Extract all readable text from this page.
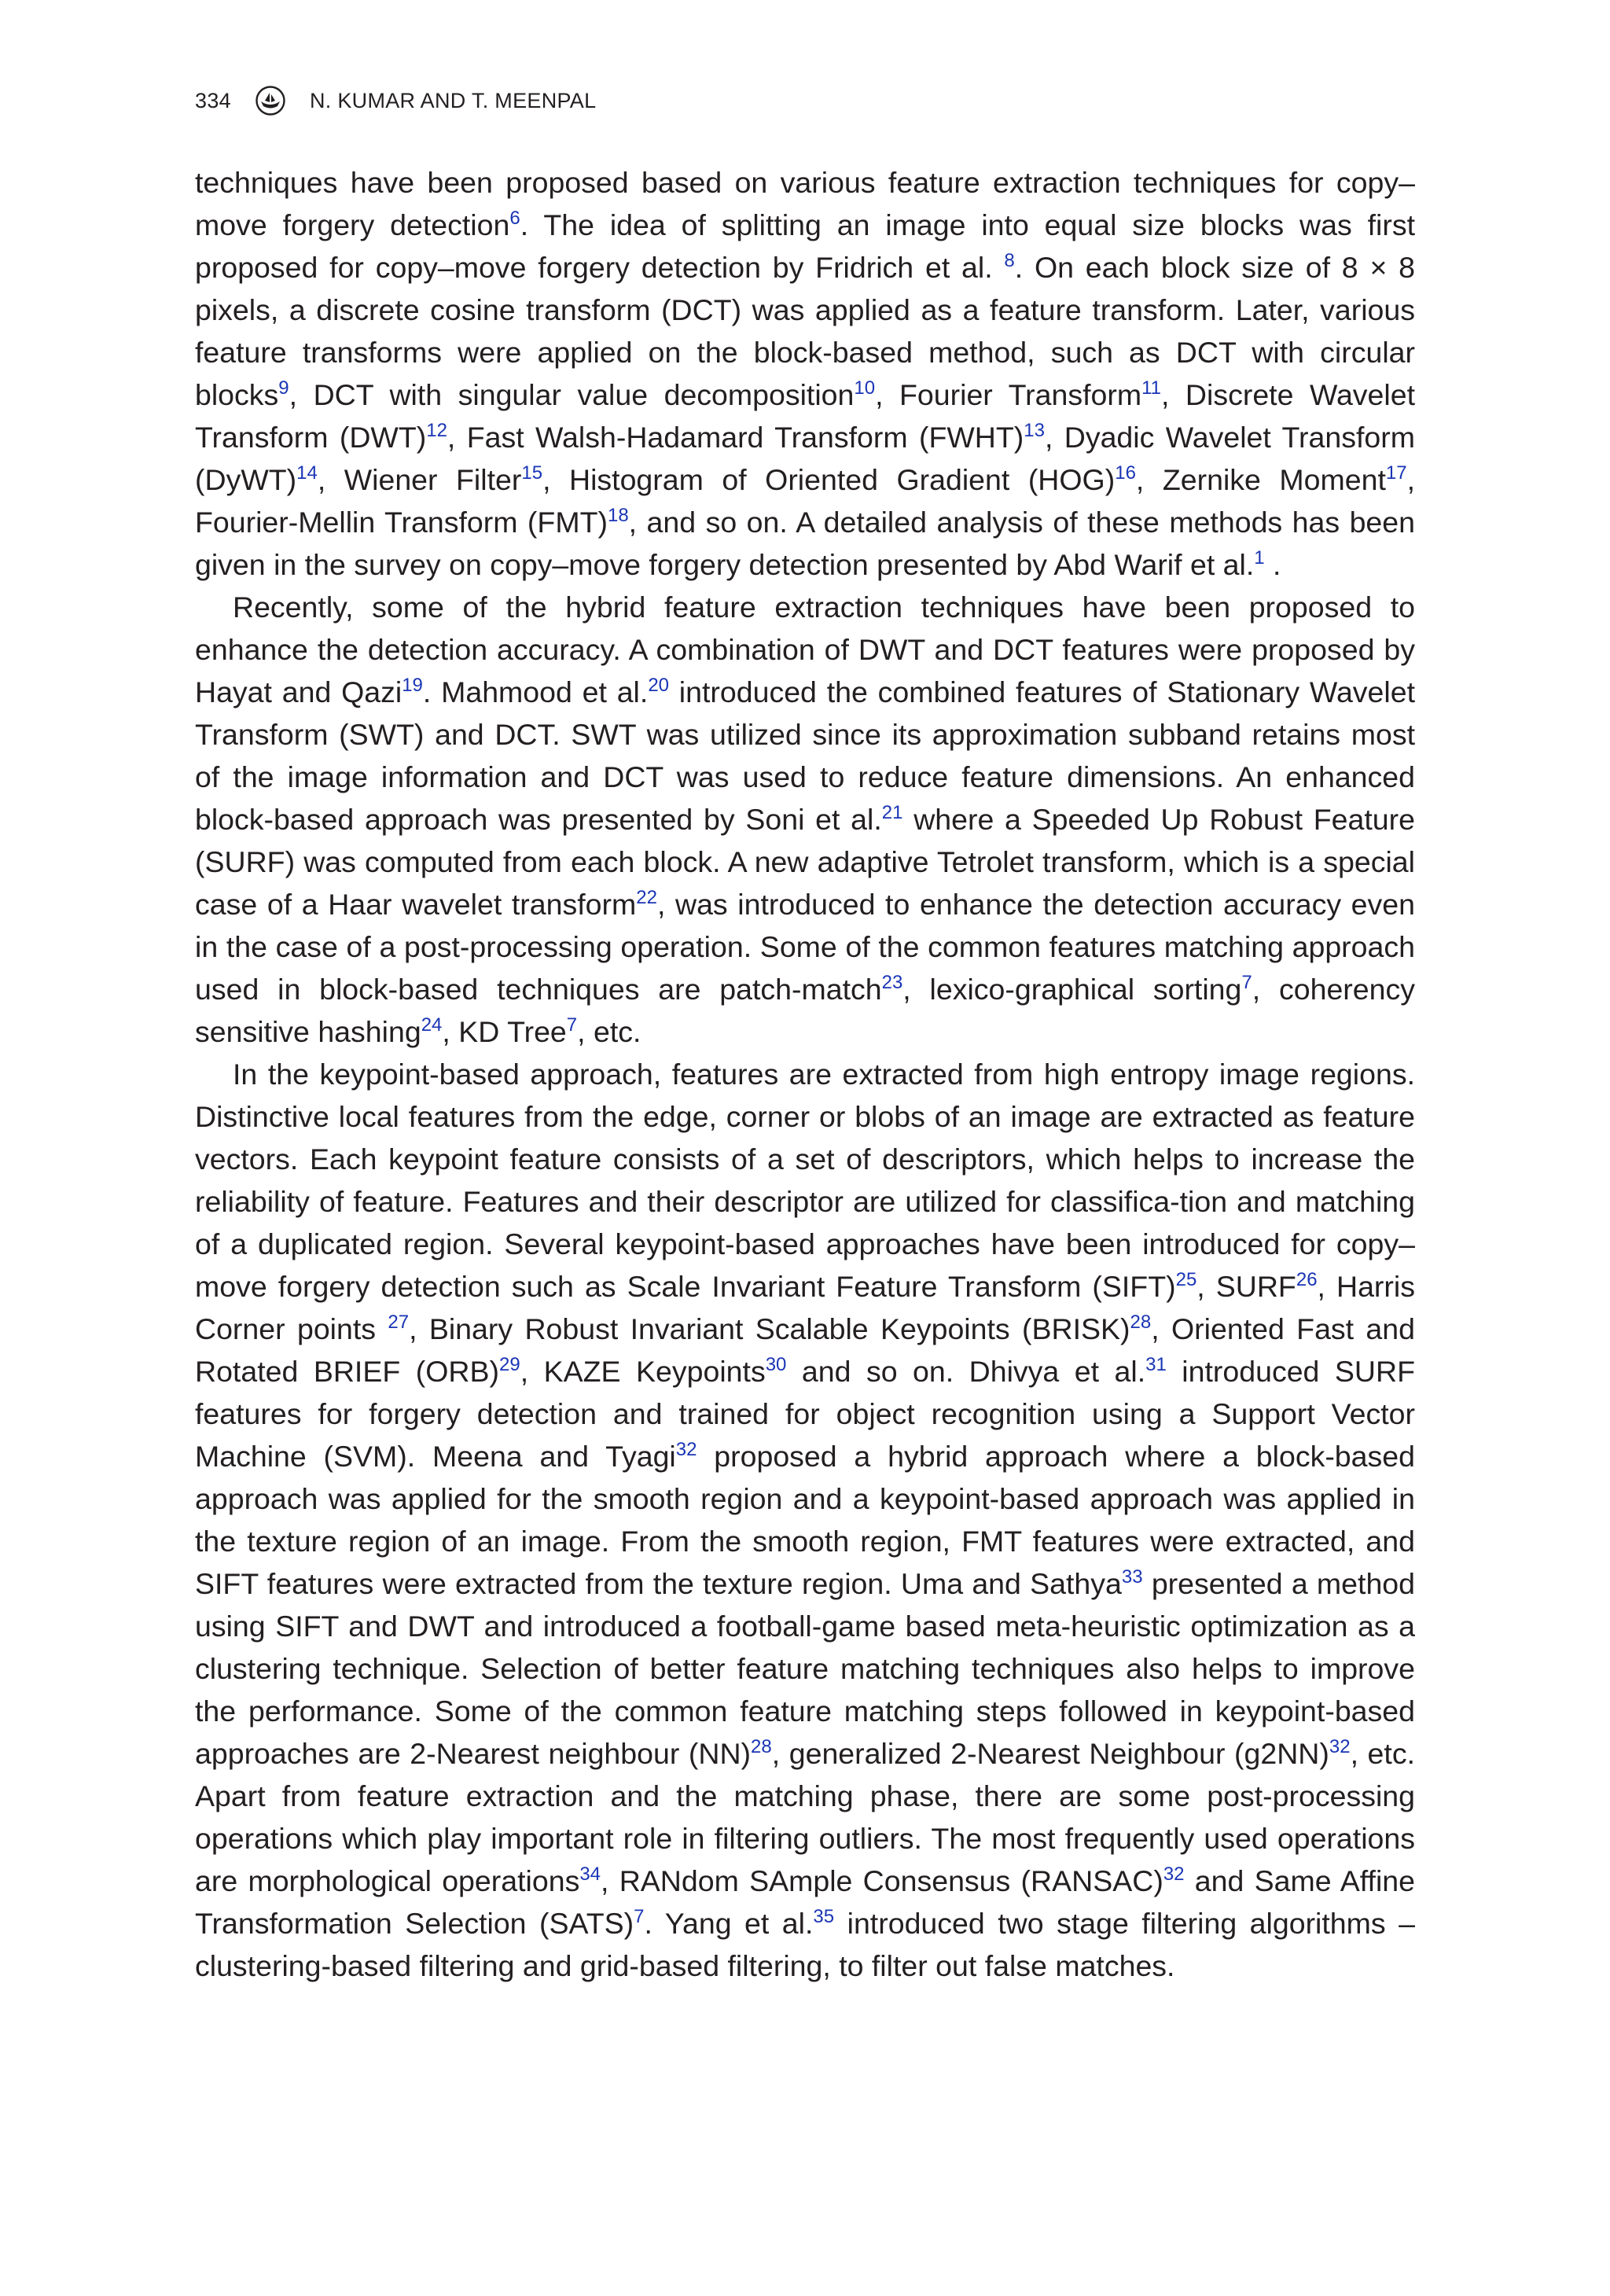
334	N. KUMAR AND T. MEENPAL

techniques have been proposed based on various feature extraction techniques for copy–move forgery detection$^6$. The idea of splitting an image into equal size blocks was first proposed for copy–move forgery detection by Fridrich et al. $^8$. On each block size of 8 × 8 pixels, a discrete cosine transform (DCT) was applied as a feature transform. Later, various feature transforms were applied on the block-based method, such as DCT with circular blocks$^9$, DCT with singular value decomposition$^{10}$, Fourier Transform$^{11}$, Discrete Wavelet Transform (DWT)$^{12}$, Fast Walsh-Hadamard Transform (FWHT)$^{13}$, Dyadic Wavelet Transform (DyWT)$^{14}$, Wiener Filter$^{15}$, Histogram of Oriented Gradient (HOG)$^{16}$, Zernike Moment$^{17}$, Fourier-Mellin Transform (FMT)$^{18}$, and so on. A detailed analysis of these methods has been given in the survey on copy–move forgery detection presented by Abd Warif et al.$^1$ .

Recently, some of the hybrid feature extraction techniques have been proposed to enhance the detection accuracy. A combination of DWT and DCT features were proposed by Hayat and Qazi$^{19}$. Mahmood et al.$^{20}$ introduced the combined features of Stationary Wavelet Transform (SWT) and DCT. SWT was utilized since its approximation subband retains most of the image information and DCT was used to reduce feature dimensions. An enhanced block-based approach was presented by Soni et al.$^{21}$ where a Speeded Up Robust Feature (SURF) was computed from each block. A new adaptive Tetrolet transform, which is a special case of a Haar wavelet transform$^{22}$, was introduced to enhance the detection accuracy even in the case of a post-processing operation. Some of the common features matching approach used in block-based techniques are patch-match$^{23}$, lexico-graphical sorting$^7$, coherency sensitive hashing$^{24}$, KD Tree$^7$, etc.

In the keypoint-based approach, features are extracted from high entropy image regions. Distinctive local features from the edge, corner or blobs of an image are extracted as feature vectors. Each keypoint feature consists of a set of descriptors, which helps to increase the reliability of feature. Features and their descriptor are utilized for classifica-tion and matching of a duplicated region. Several keypoint-based approaches have been introduced for copy–move forgery detection such as Scale Invariant Feature Transform (SIFT)$^{25}$, SURF$^{26}$, Harris Corner points $^{27}$, Binary Robust Invariant Scalable Keypoints (BRISK)$^{28}$, Oriented Fast and Rotated BRIEF (ORB)$^{29}$, KAZE Keypoints$^{30}$ and so on. Dhivya et al.$^{31}$ introduced SURF features for forgery detection and trained for object recognition using a Support Vector Machine (SVM). Meena and Tyagi$^{32}$ proposed a hybrid approach where a block-based approach was applied for the smooth region and a keypoint-based approach was applied in the texture region of an image. From the smooth region, FMT features were extracted, and SIFT features were extracted from the texture region. Uma and Sathya$^{33}$ presented a method using SIFT and DWT and introduced a football-game based meta-heuristic optimization as a clustering technique. Selection of better feature matching techniques also helps to improve the performance. Some of the common feature matching steps followed in keypoint-based approaches are 2-Nearest neighbour (NN)$^{28}$, generalized 2-Nearest Neighbour (g2NN)$^{32}$, etc. Apart from feature extraction and the matching phase, there are some post-processing operations which play important role in filtering outliers. The most frequently used operations are morphological operations$^{34}$, RANdom SAmple Consensus (RANSAC)$^{32}$ and Same Affine Transformation Selection (SATS)$^7$. Yang et al.$^{35}$ introduced two stage filtering algorithms – clustering-based filtering and grid-based filtering, to filter out false matches.
